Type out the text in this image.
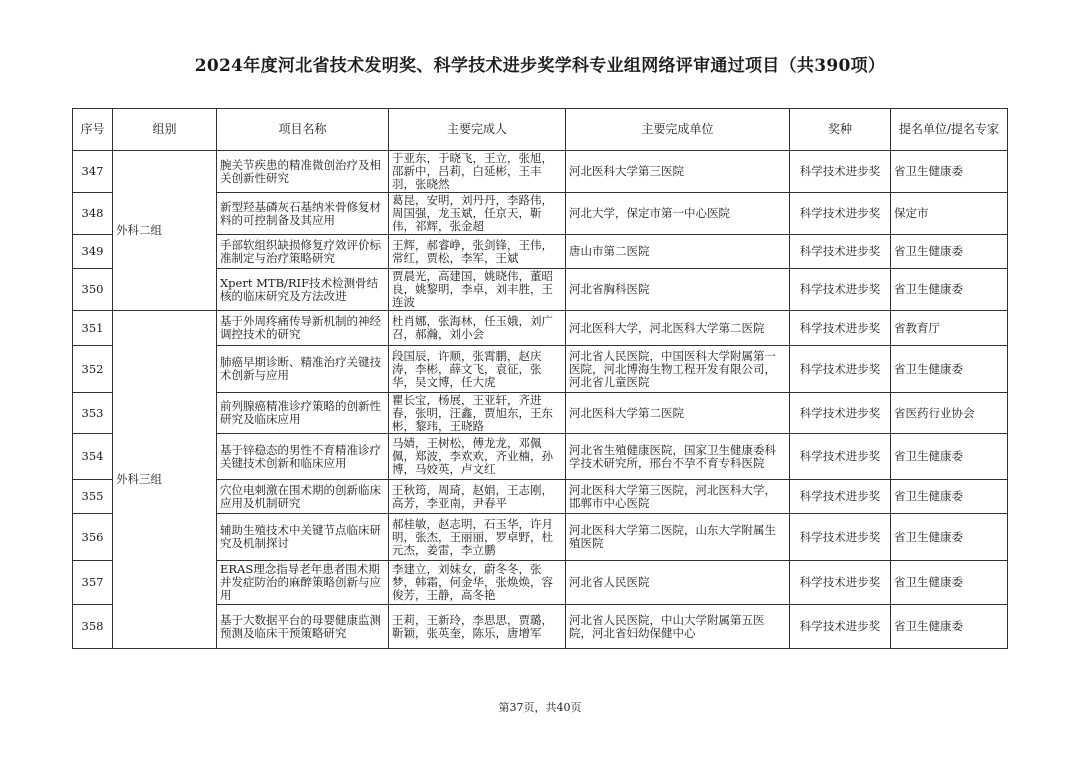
2024年度河北省技术发明奖、科学技术进步奖学科专业组网络评审通过项目（共390项）
序号	组别	项目名称	主要完成人	主要完成单位	奖种	提名单位/提名专家
347	外科二组	腕关节疾患的精准微创治疗及相关创新性研究	于亚东，于晓飞，王立，张旭，邵新中，吕莉，白延彬，王丰羽，张晓然	河北医科大学第三医院	科学技术进步奖	省卫生健康委
348		新型羟基磷灰石基纳米骨修复材料的可控制备及其应用	葛昆，安明，刘丹丹，李路伟，周国强，龙玉斌，任京天，靳伟，祁辉，张金超	河北大学，保定市第一中心医院	科学技术进步奖	保定市
349		手部软组织缺损修复疗效评价标准制定与治疗策略研究	王辉，郝睿峥，张剑锋，王伟，常红，贾松，李军，王斌	唐山市第二医院	科学技术进步奖	省卫生健康委
350		Xpert MTB/RIF技术检测骨结核的临床研究及方法改进	贾晨光，高建国，姚晓伟，董昭良，姚黎明，李卓，刘丰胜，王连波	河北省胸科医院	科学技术进步奖	省卫生健康委
351	外科三组	基于外周疼痛传导新机制的神经调控技术的研究	杜肖娜，张海林，任玉娥，刘广召，郝瀚，刘小会	河北医科大学，河北医科大学第二医院	科学技术进步奖	省教育厅
352		肺癌早期诊断、精准治疗关键技术创新与应用	段国辰，许顺，张霄鹏，赵庆涛，李彬，薛文飞，袁征，张华，吴文博，任大虎	河北省人民医院，中国医科大学附属第一医院，河北博海生物工程开发有限公司，河北省儿童医院	科学技术进步奖	省卫生健康委
353		前列腺癌精准诊疗策略的创新性研究及临床应用	瞿长宝，杨展，王亚轩，齐进春，张明，汪鑫，贾旭东，王东彬，黎玮，王晓路	河北医科大学第二医院	科学技术进步奖	省医药行业协会
354		基于锌稳态的男性不育精准诊疗关键技术创新和临床应用	马婧，王树松，傅龙龙，邓佩佩，郑波，李欢欢，齐业楠，孙博，马姣英，卢文红	河北省生殖健康医院，国家卫生健康委科学技术研究所，邢台不孕不育专科医院	科学技术进步奖	省卫生健康委
355		穴位电刺激在围术期的创新临床应用及机制研究	王秋筠，周琦，赵娟，王志刚，高芳，李亚南，尹春平	河北医科大学第三医院，河北医科大学，邯郸市中心医院	科学技术进步奖	省卫生健康委
356		辅助生殖技术中关键节点临床研究及机制探讨	郝桂敏，赵志明，石玉华，许月明，张杰，王丽丽，罗卓野，杜元杰，姜雷，李立鹏	河北医科大学第二医院，山东大学附属生殖医院	科学技术进步奖	省卫生健康委
357		ERAS理念指导老年患者围术期并发症防治的麻醉策略创新与应用	李建立，刘妹女，蔚冬冬，张梦，韩霜，何金华，张焕焕，容俊芳，王静，高冬艳	河北省人民医院	科学技术进步奖	省卫生健康委
358		基于大数据平台的母婴健康监测预测及临床干预策略研究	王莉，王新玲，李思思，贾璐，靳颖，张英奎，陈乐，唐增军	河北省人民医院，中山大学附属第五医院，河北省妇幼保健中心	科学技术进步奖	省卫生健康委
第37页，共40页
